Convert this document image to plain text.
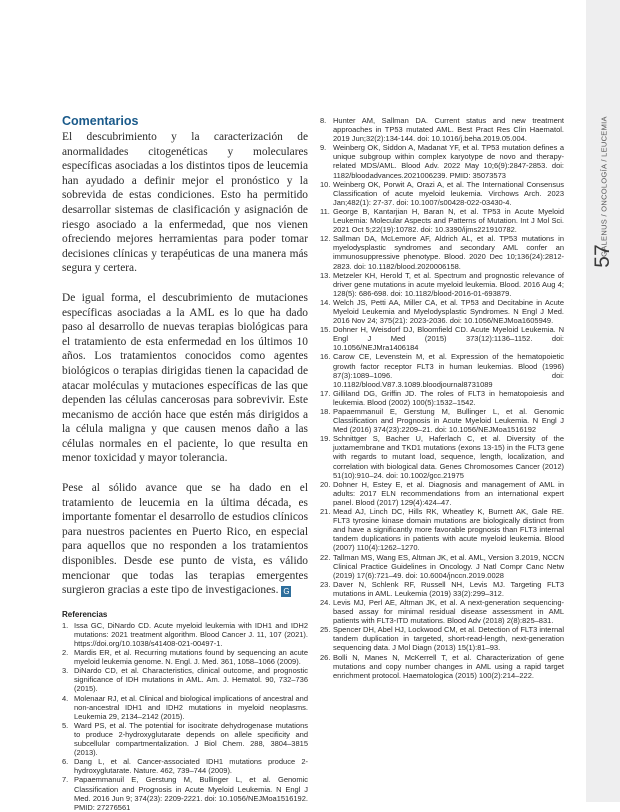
GALENUS / ONCOLOGÍA / LEUCEMIA
57
Comentarios

El descubrimiento y la caracterización de anormalidades citogenéticas y moleculares específicas asociadas a los distintos tipos de leucemia han ayudado a definir mejor el pronóstico y la sobrevida de estas condiciones. Esto ha permitido desarrollar sistemas de clasificación y asignación de riesgo asociado a la enfermedad, que nos vienen ofreciendo mejores herramientas para poder tomar decisiones clínicas y terapéuticas de una manera más segura y certera.

De igual forma, el descubrimiento de mutaciones específicas asociadas a la AML es lo que ha dado paso al desarrollo de nuevas terapias biológicas para el tratamiento de esta enfermedad en los últimos 10 años. Los tratamientos conocidos como agentes biológicos o terapias dirigidas tienen la capacidad de atacar moléculas y mutaciones específicas de las que dependen las células cancerosas para sobrevivir. Este mecanismo de acción hace que estén más dirigidos a la célula maligna y que causen menos daño a las células normales en el paciente, lo que resulta en menor toxicidad y mayor tolerancia.

Pese al sólido avance que se ha dado en el tratamiento de leucemia en la última década, es importante fomentar el desarrollo de estudios clínicos para nuestros pacientes en Puerto Rico, en especial para aquellos que no responden a los tratamientos disponibles. Desde ese punto de vista, es válido mencionar que todas las terapias emergentes surgieron gracias a este tipo de investigaciones. G

Referencias
1. Issa GC, DiNardo CD. Acute myeloid leukemia with IDH1 and IDH2 mutations: 2021 treatment algorithm. Blood Cancer J. 11, 107 (2021). https://doi.org/10.1038/s41408-021-00497-1.
2. Mardis ER, et al. Recurring mutations found by sequencing an acute myeloid leukemia genome. N. Engl. J. Med. 361, 1058–1066 (2009).
3. DiNardo CD, et al. Characteristics, clinical outcome, and prognostic significance of IDH mutations in AML. Am. J. Hematol. 90, 732–736 (2015).
4. Molenaar RJ, et al. Clinical and biological implications of ancestral and non-ancestral IDH1 and IDH2 mutations in myeloid neoplasms. Leukemia 29, 2134–2142 (2015).
5. Ward PS, et al. The potential for isocitrate dehydrogenase mutations to produce 2-hydroxyglutarate depends on allele specificity and subcellular compartmentalization. J Biol Chem. 288, 3804–3815 (2013).
6. Dang L, et al. Cancer-associated IDH1 mutations produce 2-hydroxyglutarate. Nature. 462, 739–744 (2009).
7. Papaemmanuil E, Gerstung M, Bullinger L, et al. Genomic Classification and Prognosis in Acute Myeloid Leukemia. N Engl J Med. 2016 Jun 9; 374(23): 2209-2221. doi: 10.1056/NEJMoa1516192. PMID: 27276561
8. Hunter AM, Sallman DA. Current status and new treatment approaches in TP53 mutated AML. Best Pract Res Clin Haematol. 2019 Jun;32(2):134-144. doi: 10.1016/j.beha.2019.05.004.
9. Weinberg OK, Siddon A, Madanat YF, et al. TP53 mutation defines a unique subgroup within complex karyotype de novo and therapy-related MDS/AML. Blood Adv. 2022 May 10;6(9):2847-2853. doi: 1182/bloodadvances.2021006239. PMID: 35073573
10. Weinberg OK, Porwit A, Orazi A, et al. The International Consensus Classification of acute myeloid leukemia. Virchows Arch. 2023 Jan;482(1): 27-37. doi: 10.1007/s00428-022-03430-4.
11. George B, Kantarjian H, Baran N, et al. TP53 in Acute Myeloid Leukemia: Molecular Aspects and Patterns of Mutation. Int J Mol Sci. 2021 Oct 5;22(19):10782. doi: 10.3390/ijms221910782.
12. Sallman DA, McLemore AF, Aldrich AL, et al. TP53 mutations in myelodysplastic syndromes and secondary AML confer an immunosuppressive phenotype. Blood. 2020 Dec 10;136(24):2812-2823. doi: 10.1182/blood.2020006158.
13. Metzeler KH, Herold T, et al. Spectrum and prognostic relevance of driver gene mutations in acute myeloid leukemia. Blood. 2016 Aug 4; 128(5): 686-698. doi: 10.1182/blood-2016-01-693879.
14. Welch JS, Petti AA, Miller CA, et al. TP53 and Decitabine in Acute Myeloid Leukemia and Myelodysplastic Syndromes. N Engl J Med. 2016 Nov 24; 375(21): 2023-2036. doi: 10.1056/NEJMoa1605949.
15. Dohner H, Weisdorf DJ, Bloomfield CD. Acute Myeloid Leukemia. N Engl J Med (2015) 373(12):1136–1152. doi: 10.1056/NEJMra1406184
16. Carow CE, Levenstein M, et al. Expression of the hematopoietic growth factor receptor FLT3 in human leukemias. Blood (1996) 87(3):1089–1096. doi: 10.1182/blood.V87.3.1089.bloodjournal8731089
17. Gilliland DG, Griffin JD. The roles of FLT3 in hematopoiesis and leukemia. Blood (2002) 100(5):1532–1542.
18. Papaemmanuil E, Gerstung M, Bullinger L, et al. Genomic Classification and Prognosis in Acute Myeloid Leukemia. N Engl J Med (2016) 374(23):2209–21. doi: 10.1056/NEJMoa1516192
19. Schnittger S, Bacher U, Haferlach C, et al. Diversity of the juxtamembrane and TKD1 mutations (exons 13-15) in the FLT3 gene with regards to mutant load, sequence, length, localization, and correlation with biological data. Genes Chromosomes Cancer (2012) 51(10):910–24. doi: 10.1002/gcc.21975
20. Dohner H, Estey E, et al. Diagnosis and management of AML in adults: 2017 ELN recommendations from an international expert panel. Blood (2017) 129(4):424–47.
21. Mead AJ, Linch DC, Hills RK, Wheatley K, Burnett AK, Gale RE. FLT3 tyrosine kinase domain mutations are biologically distinct from and have a significantly more favorable prognosis than FLT3 internal tandem duplications in patients with acute myeloid leukemia. Blood (2007) 110(4):1262–1270.
22. Tallman MS, Wang ES, Altman JK, et al. AML, Version 3.2019, NCCN Clinical Practice Guidelines in Oncology. J Natl Compr Canc Netw (2019) 17(6):721–49. doi: 10.6004/jnccn.2019.0028
23. Daver N, Schlenk RF, Russell NH, Levis MJ. Targeting FLT3 mutations in AML. Leukemia (2019) 33(2):299–312.
24. Levis MJ, Perl AE, Altman JK, et al. A next-generation sequencing-based assay for minimal residual disease assessment in AML patients with FLT3-ITD mutations. Blood Adv (2018) 2(8):825–831.
25. Spencer DH, Abel HJ, Lockwood CM, et al. Detection of FLT3 internal tandem duplication in targeted, short-read-length, next-generation sequencing data. J Mol Diagn (2013) 15(1):81–93.
26. Bolli N, Manes N, McKerrell T, et al. Characterization of gene mutations and copy number changes in AML using a rapid target enrichment protocol. Haematologica (2015) 100(2):214–222.
